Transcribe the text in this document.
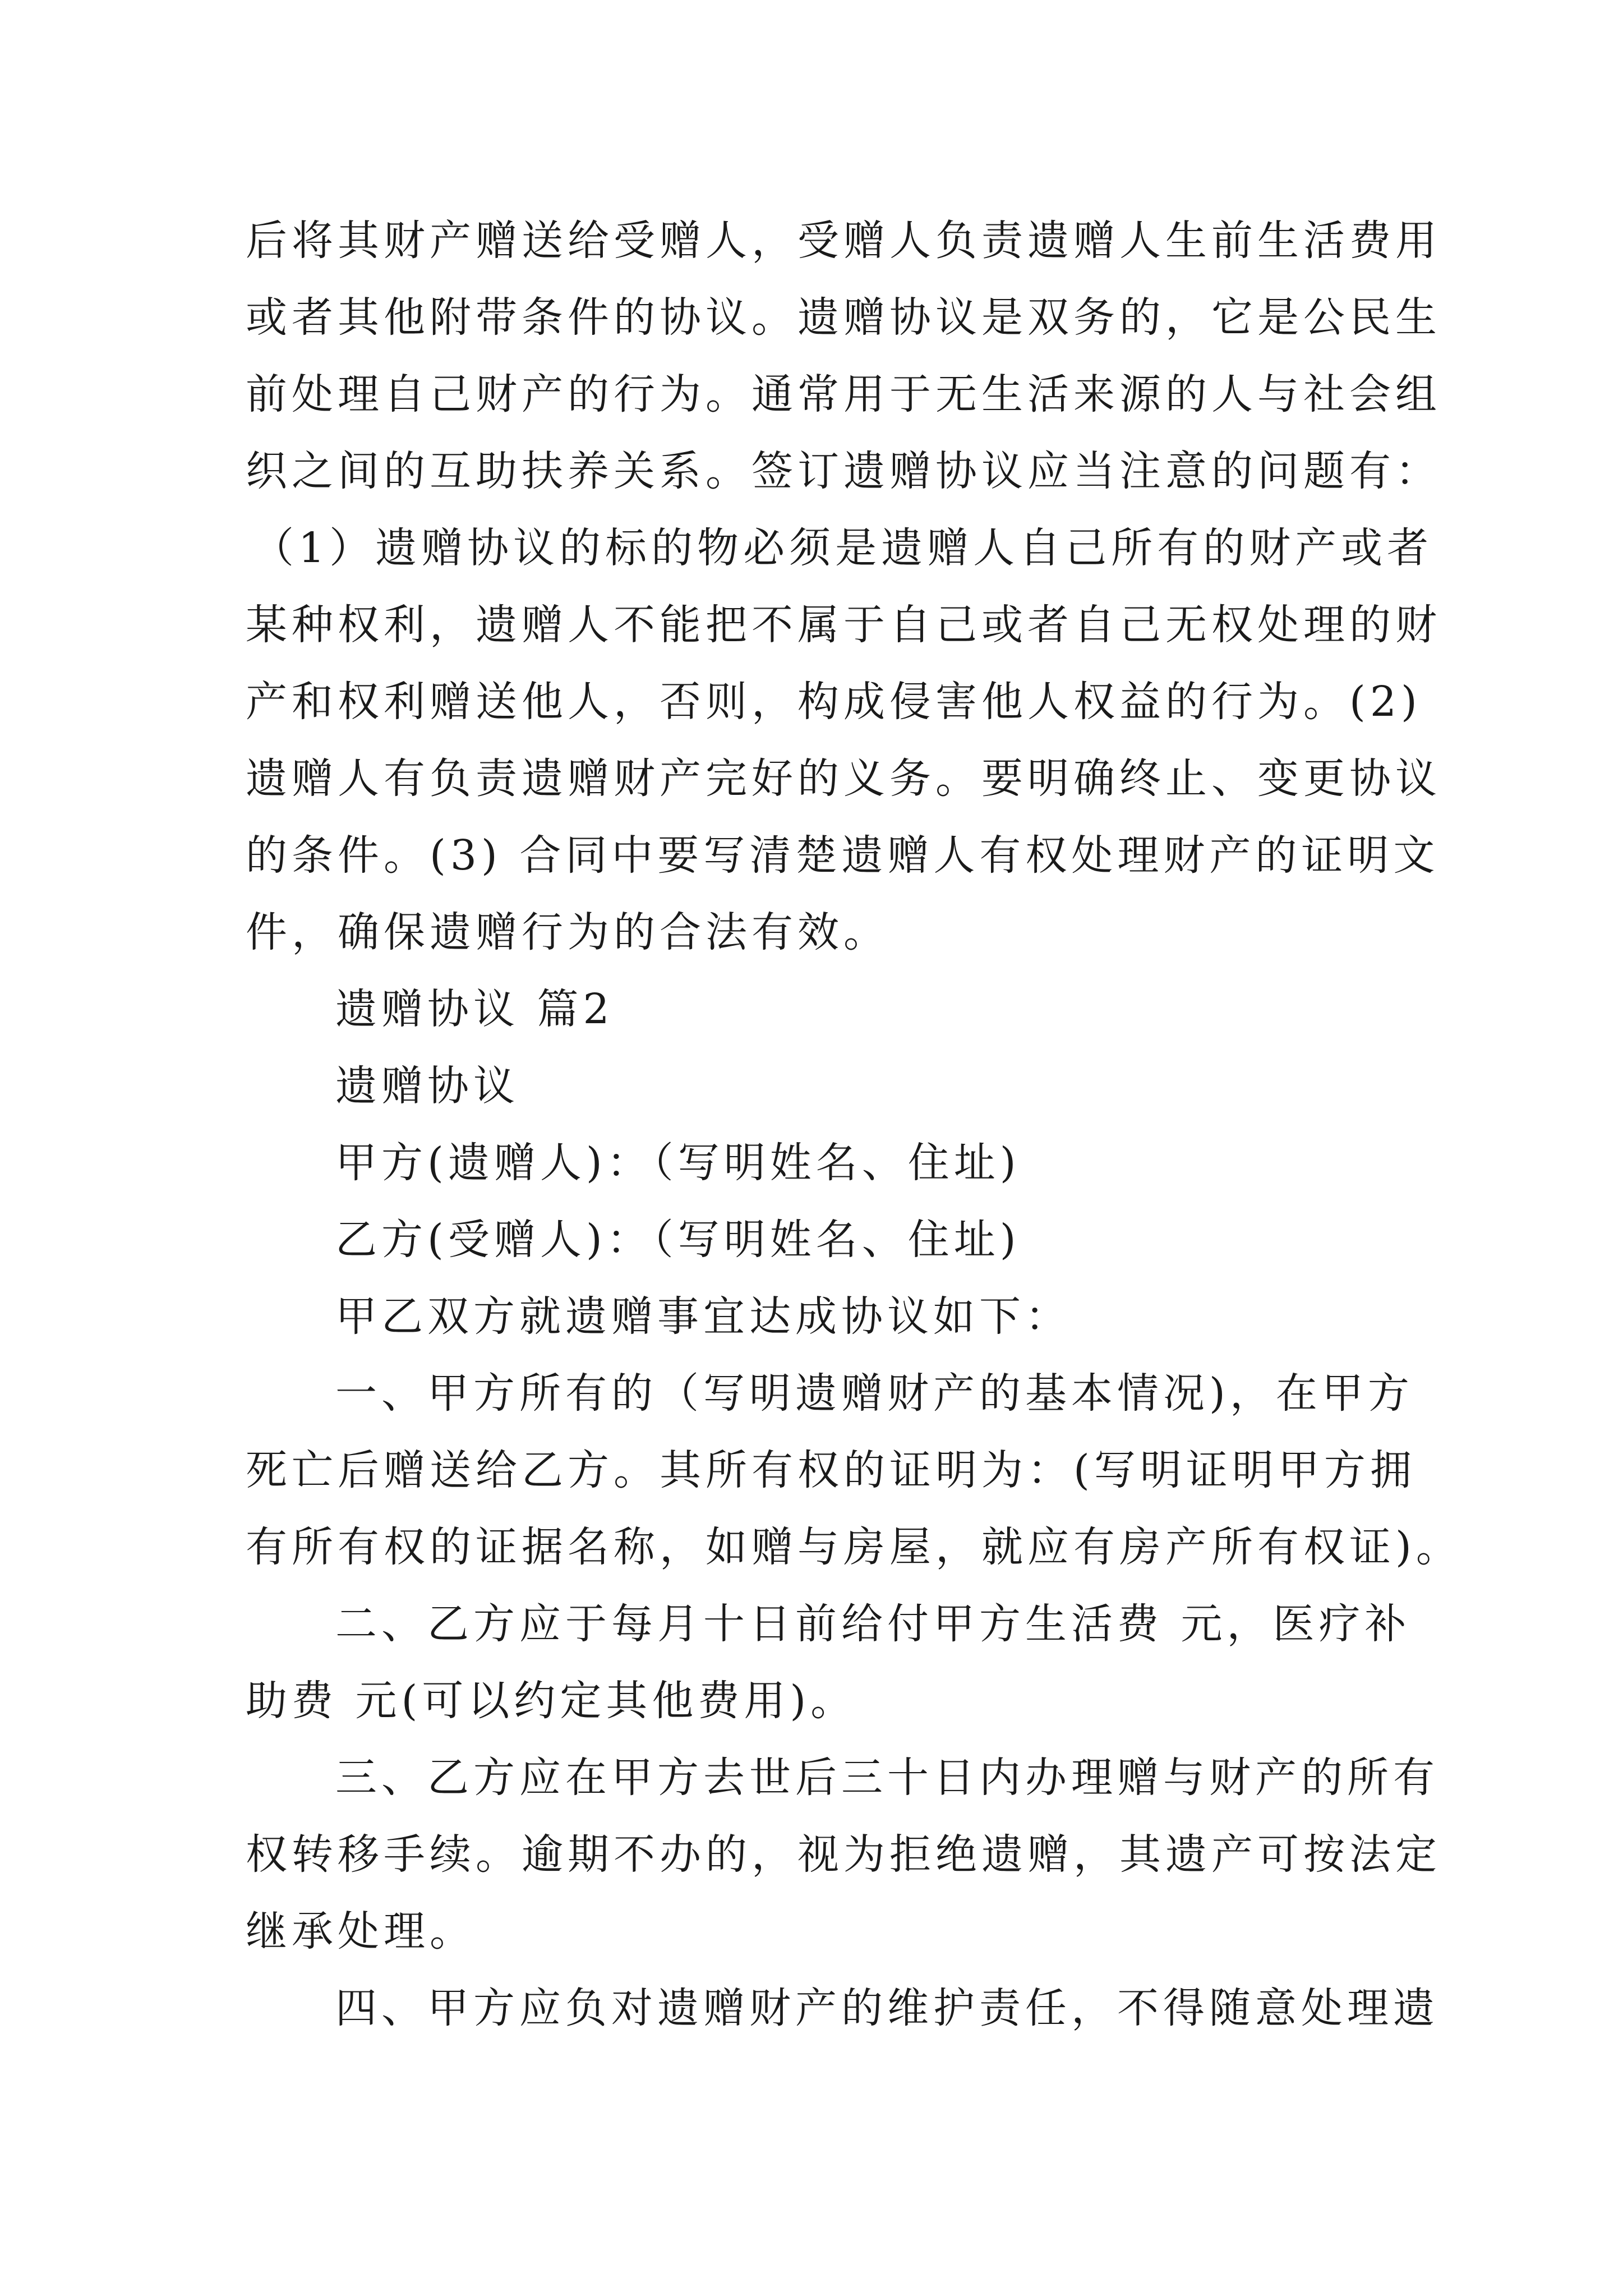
后将其财产赠送给受赠人，受赠人负责遗赠人生前生活费用
或者其他附带条件的协议。遗赠协议是双务的，它是公民生
前处理自己财产的行为。通常用于无生活来源的人与社会组
织之间的互助扶养关系。签订遗赠协议应当注意的问题有：
（1）遗赠协议的标的物必须是遗赠人自己所有的财产或者
某种权利，遗赠人不能把不属于自己或者自己无权处理的财
产和权利赠送他人，否则，构成侵害他人权益的行为。(2)
遗赠人有负责遗赠财产完好的义务。要明确终止、变更协议
的条件。(3) 合同中要写清楚遗赠人有权处理财产的证明文
件，确保遗赠行为的合法有效。
遗赠协议 篇2
遗赠协议
甲方(遗赠人)：（写明姓名、住址)
乙方(受赠人)：（写明姓名、住址)
甲乙双方就遗赠事宜达成协议如下：
一、甲方所有的（写明遗赠财产的基本情况)，在甲方
死亡后赠送给乙方。其所有权的证明为：(写明证明甲方拥
有所有权的证据名称，如赠与房屋，就应有房产所有权证)。
二、乙方应于每月十日前给付甲方生活费 元，医疗补
助费 元(可以约定其他费用)。
三、乙方应在甲方去世后三十日内办理赠与财产的所有
权转移手续。逾期不办的，视为拒绝遗赠，其遗产可按法定
继承处理。
四、甲方应负对遗赠财产的维护责任，不得随意处理遗
